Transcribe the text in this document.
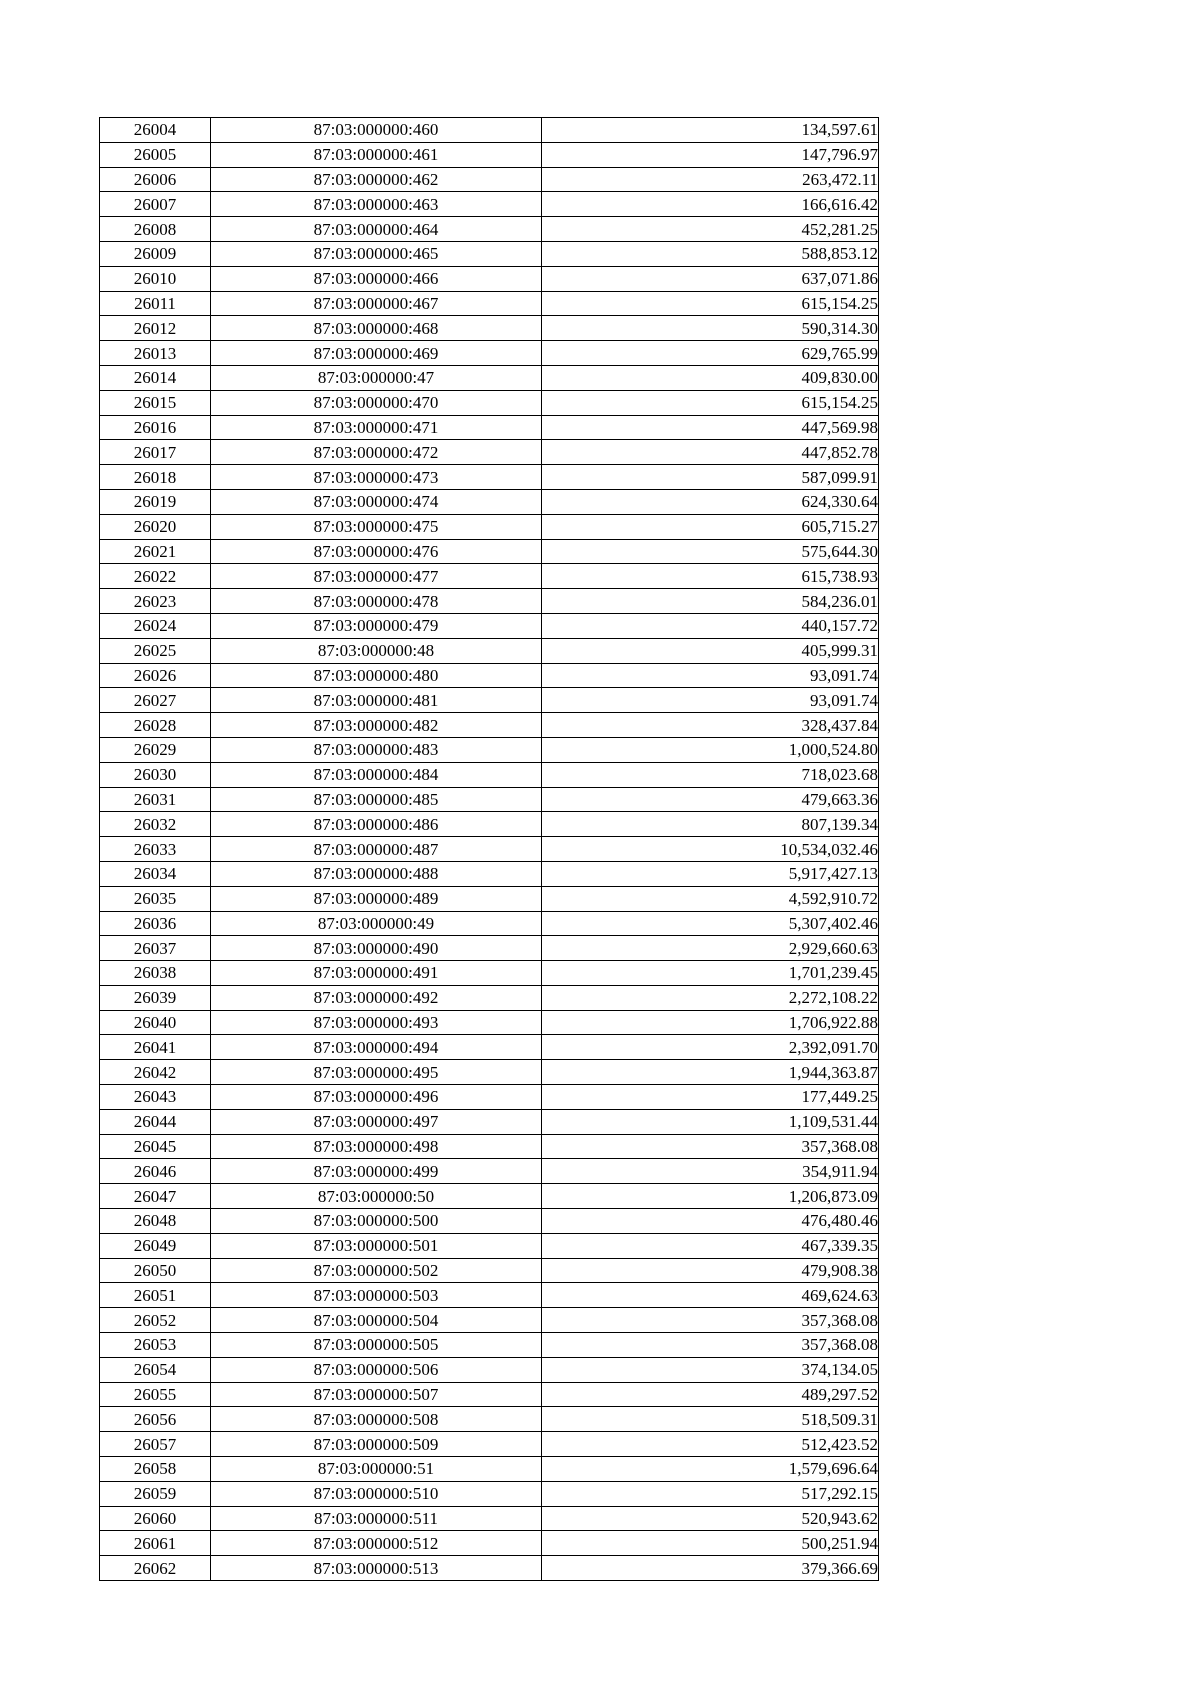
26004	87:03:000000:460	134,597.61
26005	87:03:000000:461	147,796.97
26006	87:03:000000:462	263,472.11
26007	87:03:000000:463	166,616.42
26008	87:03:000000:464	452,281.25
26009	87:03:000000:465	588,853.12
26010	87:03:000000:466	637,071.86
26011	87:03:000000:467	615,154.25
26012	87:03:000000:468	590,314.30
26013	87:03:000000:469	629,765.99
26014	87:03:000000:47	409,830.00
26015	87:03:000000:470	615,154.25
26016	87:03:000000:471	447,569.98
26017	87:03:000000:472	447,852.78
26018	87:03:000000:473	587,099.91
26019	87:03:000000:474	624,330.64
26020	87:03:000000:475	605,715.27
26021	87:03:000000:476	575,644.30
26022	87:03:000000:477	615,738.93
26023	87:03:000000:478	584,236.01
26024	87:03:000000:479	440,157.72
26025	87:03:000000:48	405,999.31
26026	87:03:000000:480	93,091.74
26027	87:03:000000:481	93,091.74
26028	87:03:000000:482	328,437.84
26029	87:03:000000:483	1,000,524.80
26030	87:03:000000:484	718,023.68
26031	87:03:000000:485	479,663.36
26032	87:03:000000:486	807,139.34
26033	87:03:000000:487	10,534,032.46
26034	87:03:000000:488	5,917,427.13
26035	87:03:000000:489	4,592,910.72
26036	87:03:000000:49	5,307,402.46
26037	87:03:000000:490	2,929,660.63
26038	87:03:000000:491	1,701,239.45
26039	87:03:000000:492	2,272,108.22
26040	87:03:000000:493	1,706,922.88
26041	87:03:000000:494	2,392,091.70
26042	87:03:000000:495	1,944,363.87
26043	87:03:000000:496	177,449.25
26044	87:03:000000:497	1,109,531.44
26045	87:03:000000:498	357,368.08
26046	87:03:000000:499	354,911.94
26047	87:03:000000:50	1,206,873.09
26048	87:03:000000:500	476,480.46
26049	87:03:000000:501	467,339.35
26050	87:03:000000:502	479,908.38
26051	87:03:000000:503	469,624.63
26052	87:03:000000:504	357,368.08
26053	87:03:000000:505	357,368.08
26054	87:03:000000:506	374,134.05
26055	87:03:000000:507	489,297.52
26056	87:03:000000:508	518,509.31
26057	87:03:000000:509	512,423.52
26058	87:03:000000:51	1,579,696.64
26059	87:03:000000:510	517,292.15
26060	87:03:000000:511	520,943.62
26061	87:03:000000:512	500,251.94
26062	87:03:000000:513	379,366.69
